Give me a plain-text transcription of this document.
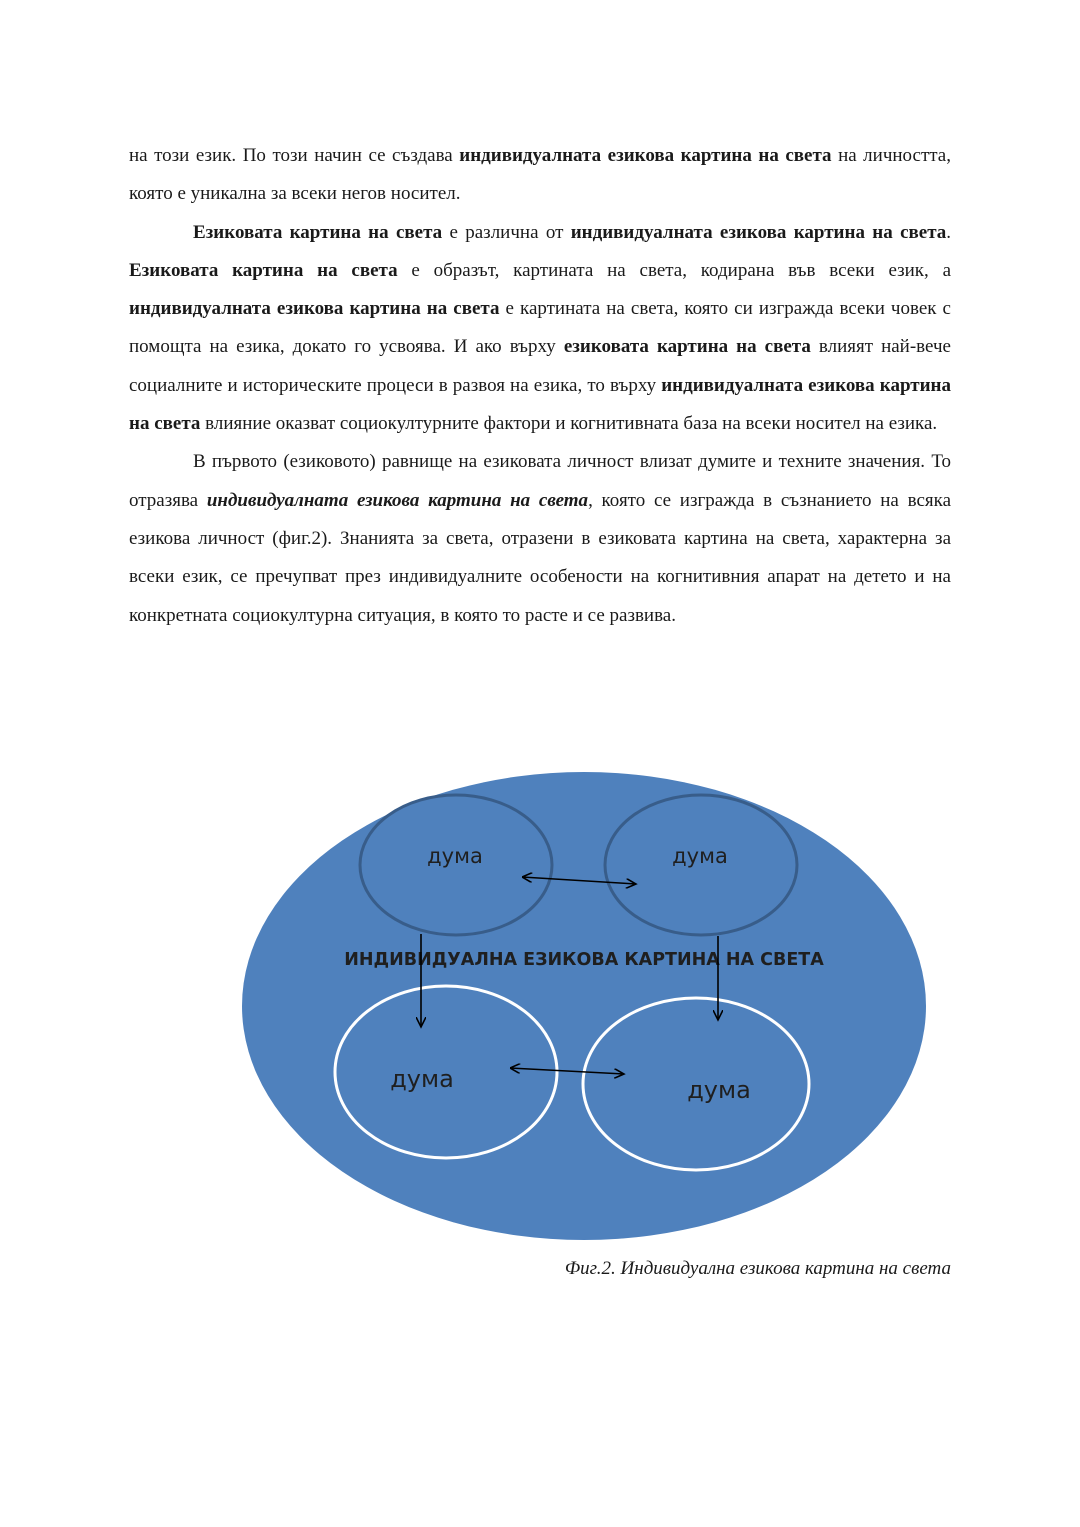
на този език. По този начин се създава индивидуалната езикова картина на света на личността, която е уникална за всеки негов носител.

Езиковата картина на света е различна от индивидуалната езикова картина на света. Езиковата картина на света е образът, картината на света, кодирана във всеки език, а индивидуалната езикова картина на света е картината на света, която си изгражда всеки човек с помощта на езика, докато го усвоява. И ако върху езиковата картина на света влияят най-вече социалните и историческите процеси в развоя на езика, то върху индивидуалната езикова картина на света влияние оказват социокултурните фактори и когнитивната база на всеки носител на езика.

В първото (езиковото) равнище на езиковата личност влизат думите и техните значения. То отразява индивидуалната езикова картина на света, която се изгражда в съзнанието на всяка езикова личност (фиг.2). Знанията за света, отразени в езиковата картина на света, характерна за всеки език, се пречупват през индивидуалните особености на когнитивния апарат на детето и на конкретната социокултурна ситуация, в която то расте и се развива.

дума	дума
дума	дума
ИНДИВИДУАЛНА ЕЗИКОВА КАРТИНА НА СВЕТА
Фиг.2. Индивидуална езикова картина на света
